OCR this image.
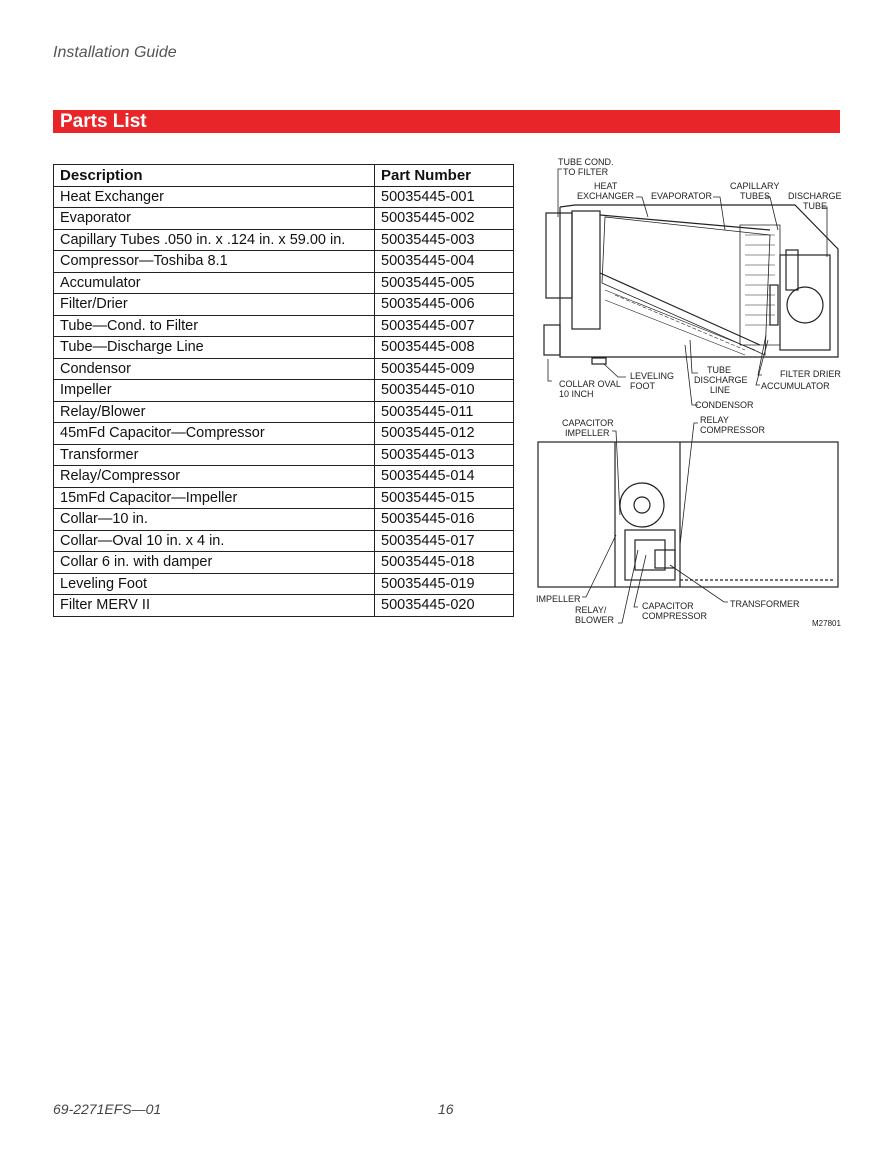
Installation Guide
Parts List
Description	Part Number
Heat Exchanger	50035445-001
Evaporator	50035445-002
Capillary Tubes .050 in. x .124 in. x 59.00 in.	50035445-003
Compressor—Toshiba 8.1	50035445-004
Accumulator	50035445-005
Filter/Drier	50035445-006
Tube—Cond. to Filter	50035445-007
Tube—Discharge Line	50035445-008
Condensor	50035445-009
Impeller	50035445-010
Relay/Blower	50035445-011
45mFd Capacitor—Compressor	50035445-012
Transformer	50035445-013
Relay/Compressor	50035445-014
15mFd Capacitor—Impeller	50035445-015
Collar—10 in.	50035445-016
Collar—Oval 10 in. x 4 in.	50035445-017
Collar 6 in. with damper	50035445-018
Leveling Foot	50035445-019
Filter MERV II	50035445-020
TUBE COND.
TO FILTER
HEAT
EXCHANGER EVAPORATOR
CAPILLARY
TUBES DISCHARGE
TUBE
COLLAR OVAL
10 INCH
LEVELING
FOOT
TUBE
DISCHARGE
LINE
FILTER DRIER
ACCUMULATOR
CONDENSOR
CAPACITOR
IMPELLER
RELAY
COMPRESSOR
IMPELLER
RELAY/
BLOWER
CAPACITOR
COMPRESSOR
TRANSFORMER
M27801
69-2271EFS—01	16
